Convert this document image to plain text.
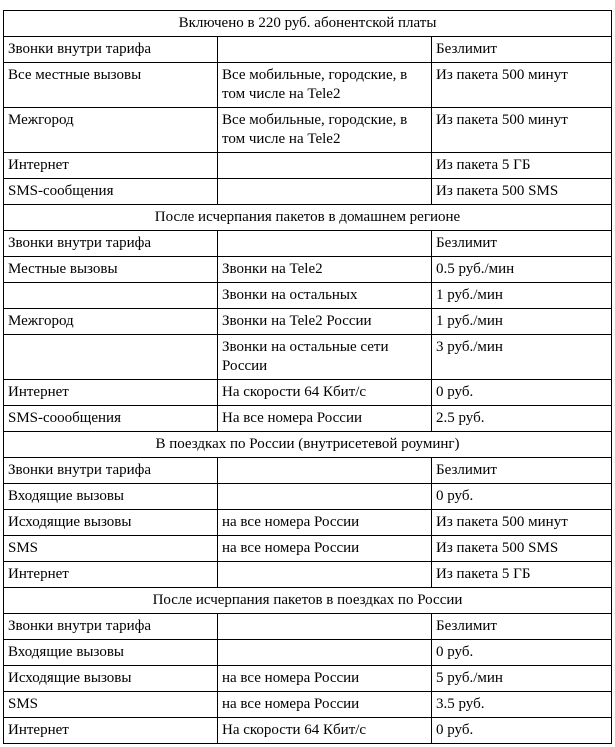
Включено в 220 руб. абонентской платы		
Звонки внутри тарифа		Безлимит
Все местные вызовы	Все мобильные, городские, в том числе на Tele2	Из пакета 500 минут
Межгород	Все мобильные, городские, в том числе на Tele2	Из пакета 500 минут
Интернет		Из пакета 5 ГБ
SMS-сообщения		Из пакета 500 SMS
После исчерпания пакетов в домашнем регионе		
Звонки внутри тарифа		Безлимит
Местные вызовы	Звонки на Tele2	0.5 руб./мин
	Звонки на остальных	1 руб./мин
Межгород	Звонки на Tele2 России	1 руб./мин
	Звонки на остальные сети России	3 руб./мин
Интернет	На скорости 64 Кбит/с	0 руб.
SMS-соообщения	На все номера России	2.5 руб.
В поездках по России (внутрисетевой роуминг)		
Звонки внутри тарифа		Безлимит
Входящие вызовы		0 руб.
Исходящие вызовы	на все номера России	Из пакета 500 минут
SMS	на все номера России	Из пакета 500 SMS
Интернет		Из пакета 5 ГБ
После исчерпания пакетов в поездках по России		
Звонки внутри тарифа		Безлимит
Входящие вызовы		0 руб.
Исходящие вызовы	на все номера России	5 руб./мин
SMS	на все номера России	3.5 руб.
Интернет	На скорости 64 Кбит/с	0 руб.
